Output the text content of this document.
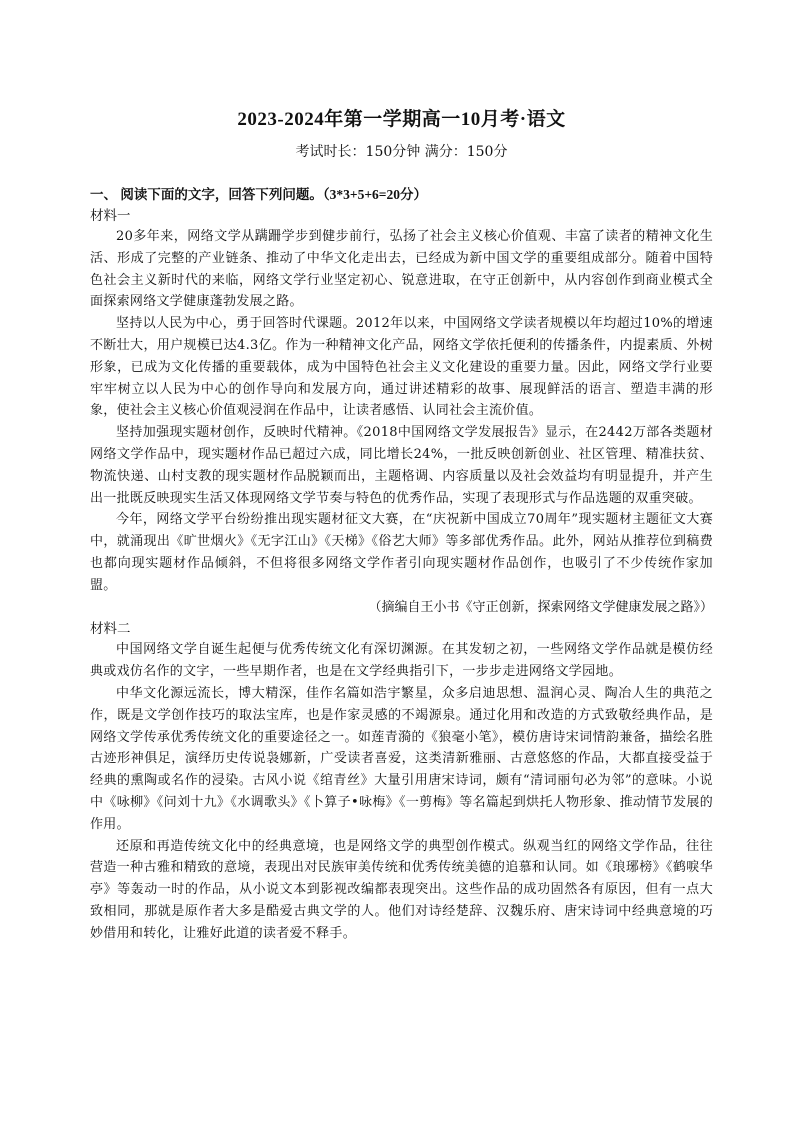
2023-2024年第一学期高一10月考·语文

考试时长：150分钟 满分：150分

一、 阅读下面的文字，回答下列问题。（3*3+5+6=20分）

材料一

20多年来，网络文学从蹒跚学步到健步前行，弘扬了社会主义核心价值观、丰富了读者的精神文化生活、形成了完整的产业链条、推动了中华文化走出去，已经成为新中国文学的重要组成部分。随着中国特色社会主义新时代的来临，网络文学行业坚定初心、锐意进取，在守正创新中，从内容创作到商业模式全面探索网络文学健康蓬勃发展之路。

坚持以人民为中心，勇于回答时代课题。2012年以来，中国网络文学读者规模以年均超过10%的增速不断壮大，用户规模已达4.3亿。作为一种精神文化产品，网络文学依托便利的传播条件，内提素质、外树形象，已成为文化传播的重要载体，成为中国特色社会主义文化建设的重要力量。因此，网络文学行业要牢牢树立以人民为中心的创作导向和发展方向，通过讲述精彩的故事、展现鲜活的语言、塑造丰满的形象，使社会主义核心价值观浸润在作品中，让读者感悟、认同社会主流价值。

坚持加强现实题材创作，反映时代精神。《2018中国网络文学发展报告》显示，在2442万部各类题材网络文学作品中，现实题材作品已超过六成，同比增长24%，一批反映创新创业、社区管理、精准扶贫、物流快递、山村支教的现实题材作品脱颖而出，主题格调、内容质量以及社会效益均有明显提升，并产生出一批既反映现实生活又体现网络文学节奏与特色的优秀作品，实现了表现形式与作品选题的双重突破。

今年，网络文学平台纷纷推出现实题材征文大赛，在“庆祝新中国成立70周年”现实题材主题征文大赛中，就涌现出《旷世烟火》《无字江山》《天梯》《俗艺大师》等多部优秀作品。此外，网站从推荐位到稿费也都向现实题材作品倾斜，不但将很多网络文学作者引向现实题材作品创作，也吸引了不少传统作家加盟。

（摘编自王小书《守正创新，探索网络文学健康发展之路》）

材料二

中国网络文学自诞生起便与优秀传统文化有深切渊源。在其发轫之初，一些网络文学作品就是模仿经典或戏仿名作的文字，一些早期作者，也是在文学经典指引下，一步步走进网络文学园地。

中华文化源远流长，博大精深，佳作名篇如浩宇繁星，众多启迪思想、温润心灵、陶冶人生的典范之作，既是文学创作技巧的取法宝库，也是作家灵感的不竭源泉。通过化用和改造的方式致敬经典作品，是网络文学传承优秀传统文化的重要途径之一。如莲青漪的《狼毫小笔》，模仿唐诗宋词情韵兼备，描绘名胜古迹形神俱足，演绎历史传说袅娜新，广受读者喜爱，这类清新雅丽、古意悠悠的作品，大都直接受益于经典的熏陶或名作的浸染。古风小说《绾青丝》大量引用唐宋诗词，颇有“清词丽句必为邻”的意味。小说中《咏柳》《问刘十九》《水调歌头》《卜算子•咏梅》《一剪梅》等名篇起到烘托人物形象、推动情节发展的作用。

还原和再造传统文化中的经典意境，也是网络文学的典型创作模式。纵观当红的网络文学作品，往往营造一种古雅和精致的意境，表现出对民族审美传统和优秀传统美德的追慕和认同。如《琅琊榜》《鹤唳华亭》等轰动一时的作品，从小说文本到影视改编都表现突出。这些作品的成功固然各有原因，但有一点大致相同，那就是原作者大多是酷爱古典文学的人。他们对诗经楚辞、汉魏乐府、唐宋诗词中经典意境的巧妙借用和转化，让雅好此道的读者爱不释手。
